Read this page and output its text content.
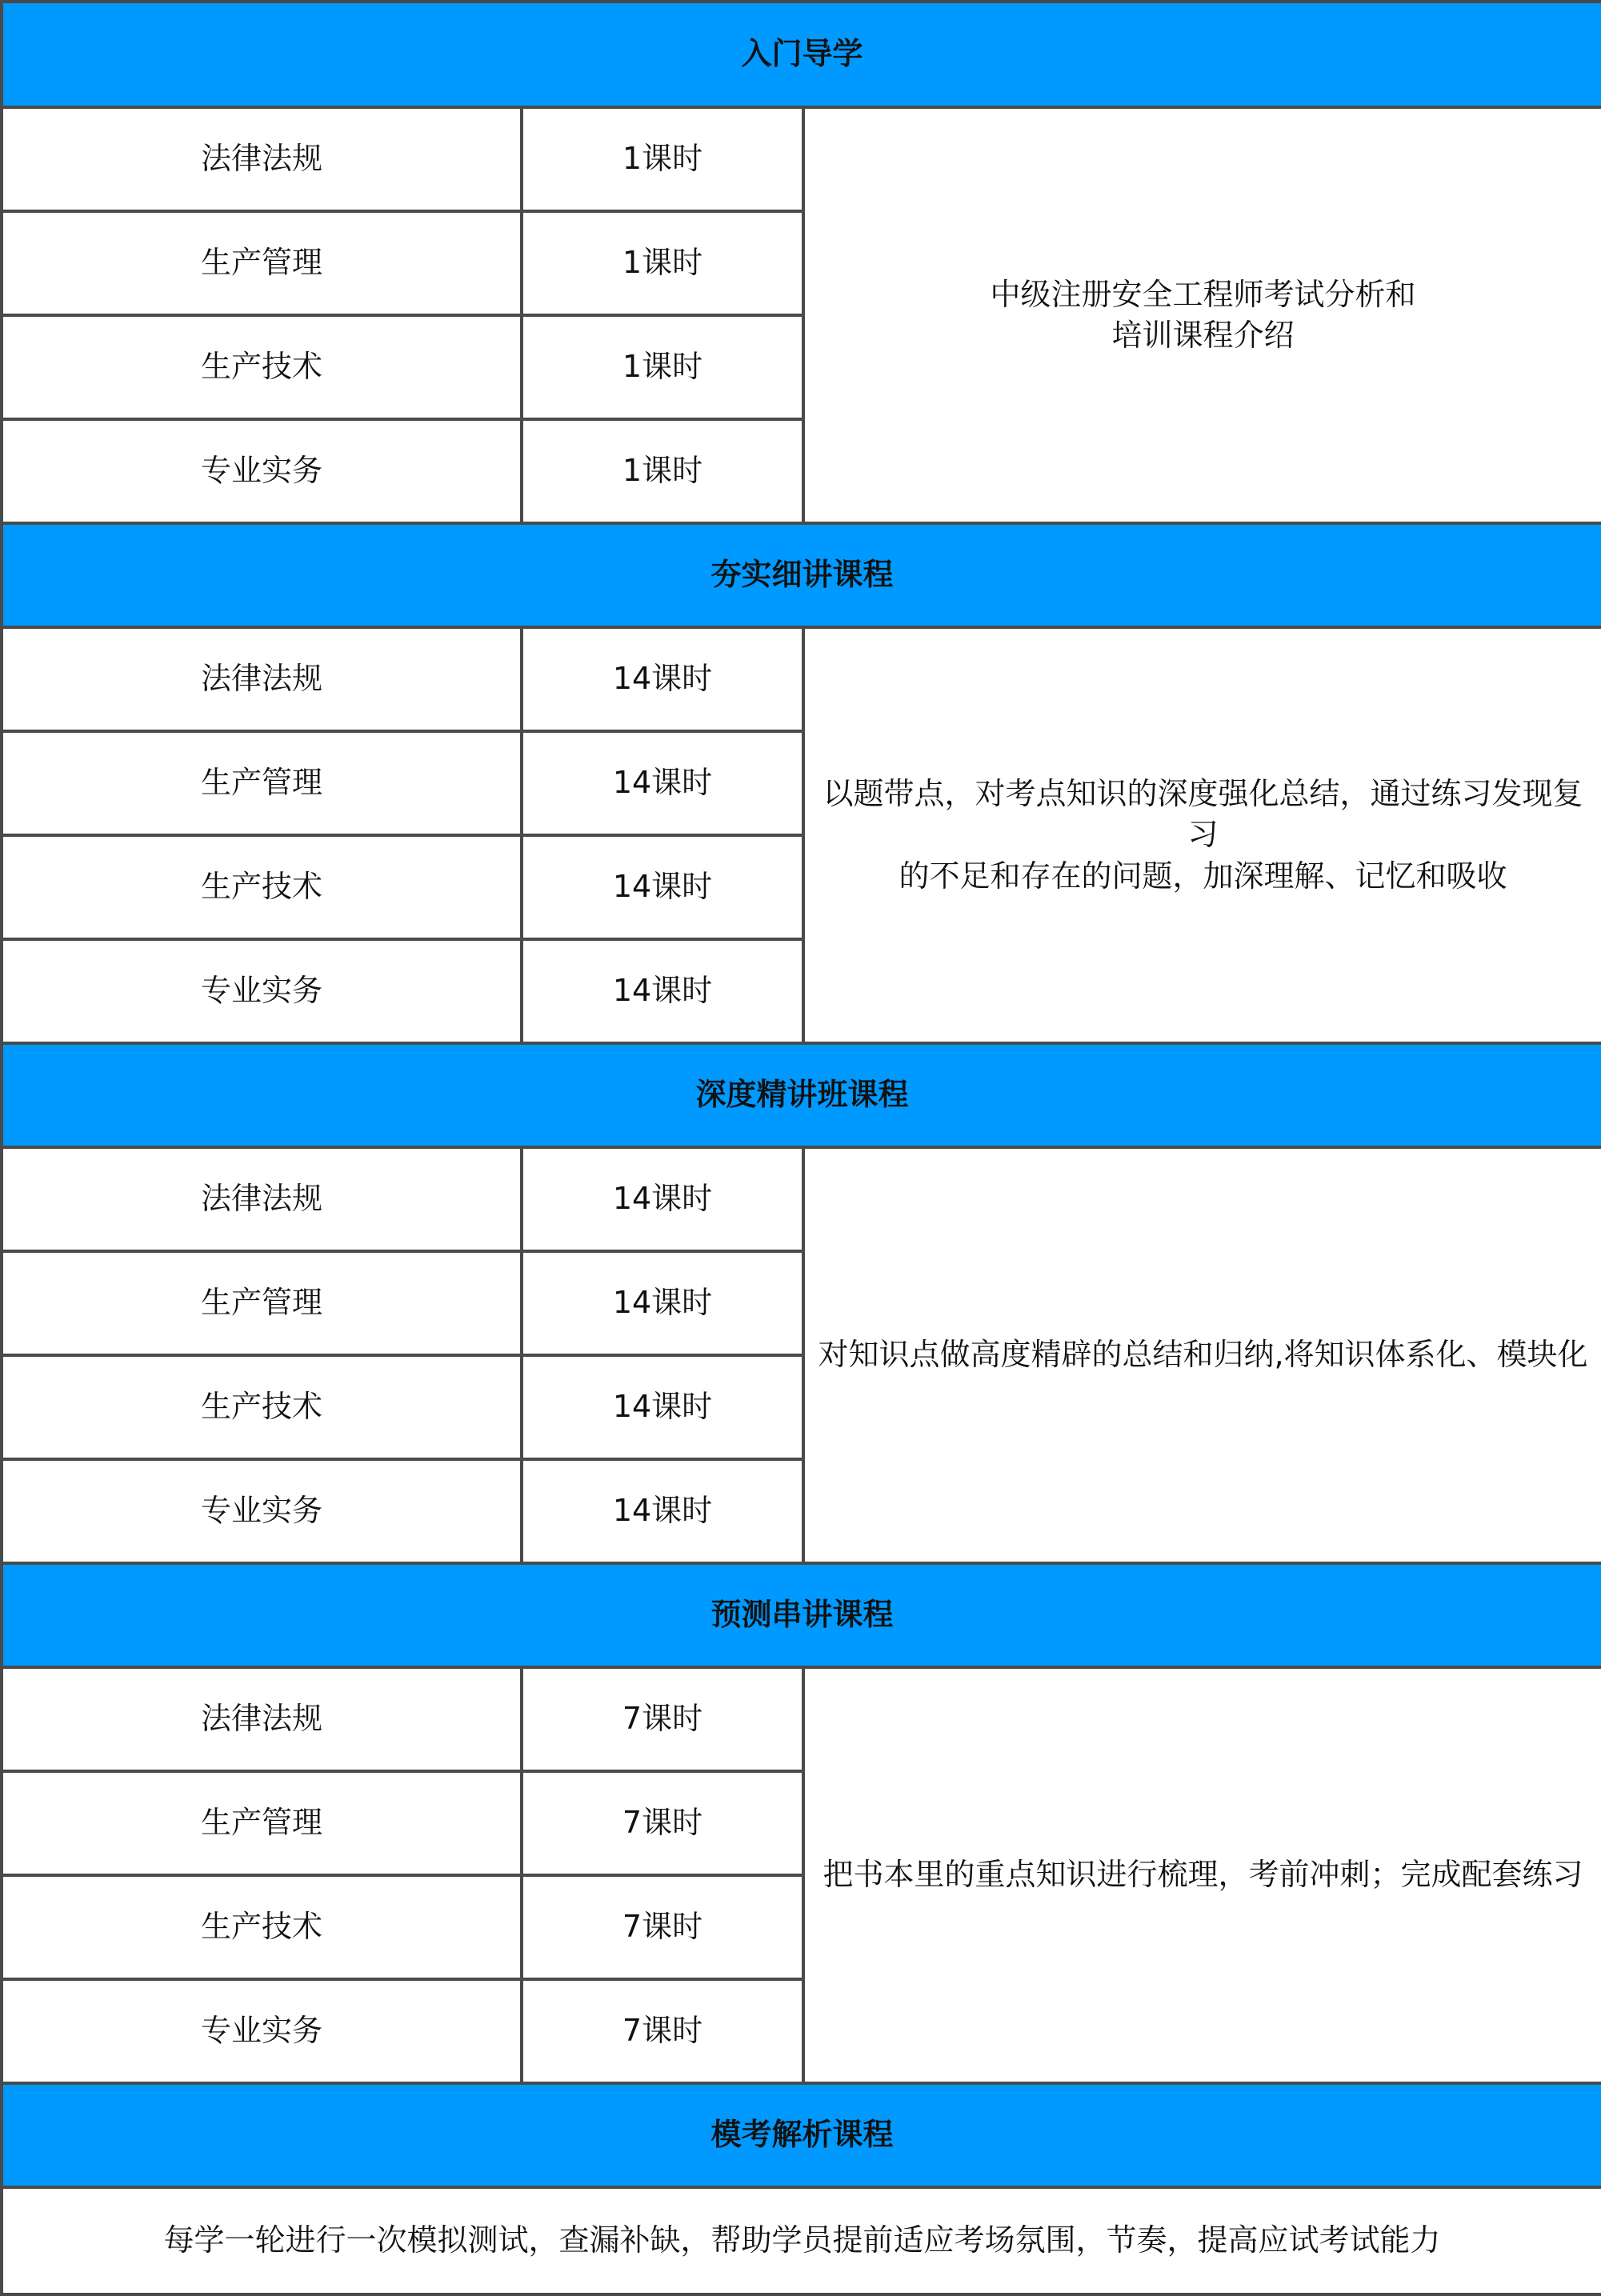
入门导学		
法律法规	1课时	中级注册安全工程师考试分析和
培训课程介绍

生产管理	1课时	
生产技术	1课时	
专业实务	1课时	
夯实细讲课程		
法律法规	14课时	以题带点，对考点知识的深度强化总结，通过练习发现复习
的不足和存在的问题，加深理解、记忆和吸收

生产管理	14课时	
生产技术	14课时	
专业实务	14课时	
深度精讲班课程		
法律法规	14课时	对知识点做高度精辟的总结和归纳,将知识体系化、模块化

生产管理	14课时	
生产技术	14课时	
专业实务	14课时	
预测串讲课程		
法律法规	7课时	把书本里的重点知识进行梳理，考前冲刺；完成配套练习

生产管理	7课时	
生产技术	7课时	
专业实务	7课时	
模考解析课程		
每学一轮进行一次模拟测试，查漏补缺，帮助学员提前适应考场氛围，节奏，提高应试考试能力		
